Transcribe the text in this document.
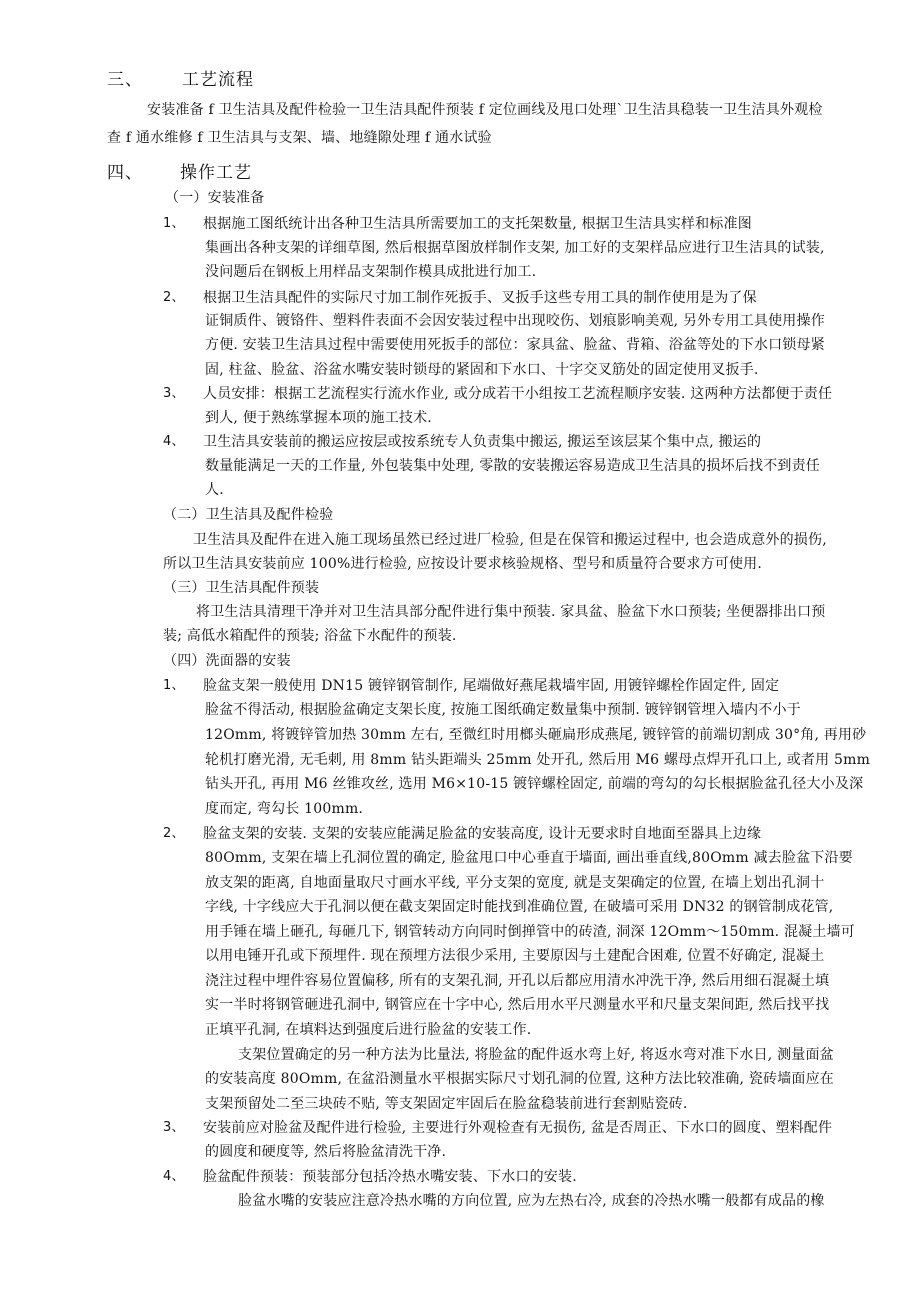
三、 工艺流程
安装准备 f 卫生洁具及配件检验一卫生洁具配件预装 f 定位画线及甩口处理`卫生洁具稳装一卫生洁具外观检
查 f 通水维修 f 卫生洁具与支架、墙、地缝隙处理 f 通水试验
四、 操作工艺
（一）安装准备
1、 根据施工图纸统计出各种卫生洁具所需要加工的支托架数量, 根据卫生洁具实样和标准图
集画出各种支架的详细草图, 然后根据草图放样制作支架, 加工好的支架样品应进行卫生洁具的试装,
没问题后在钢板上用样品支架制作模具成批进行加工.
2、 根据卫生洁具配件的实际尺寸加工制作死扳手、叉扳手这些专用工具的制作使用是为了保
证铜质件、镀铬件、塑料件表面不会因安装过程中出现咬伤、划痕影响美观, 另外专用工具使用操作
方便. 安装卫生洁具过程中需要使用死扳手的部位：家具盆、脸盆、背箱、浴盆等处的下水口锁母紧
固, 柱盆、脸盆、浴盆水嘴安装时锁母的紧固和下水口、十字交叉筋处的固定使用叉扳手.
3、 人员安排：根据工艺流程实行流水作业, 或分成若干小组按工艺流程顺序安装. 这两种方法都便于责任
到人, 便于熟练掌握本项的施工技术.
4、 卫生洁具安装前的搬运应按层或按系统专人负责集中搬运, 搬运至该层某个集中点, 搬运的
数量能满足一天的工作量, 外包装集中处理, 零散的安装搬运容易造成卫生洁具的损坏后找不到责任
人.
（二）卫生洁具及配件检验
卫生洁具及配件在进入施工现场虽然已经过进厂检验, 但是在保管和搬运过程中, 也会造成意外的损伤,
所以卫生洁具安装前应 100%进行检验, 应按设计要求核验规格、型号和质量符合要求方可使用.
（三）卫生洁具配件预装
将卫生洁具清理干净并对卫生洁具部分配件进行集中预装. 家具盆、脸盆下水口预装; 坐便器排出口预
装; 高低水箱配件的预装; 浴盆下水配件的预装.
（四）洗面器的安装
1、 脸盆支架一般使用 DN15 镀锌钢管制作, 尾端做好燕尾栽墙牢固, 用镀锌螺栓作固定件, 固定
脸盆不得活动, 根据脸盆确定支架长度, 按施工图纸确定数量集中预制. 镀锌钢管埋入墙内不小于
12Omm, 将镀锌管加热 30mm 左右, 至微红时用榔头砸扁形成燕尾, 镀锌管的前端切割成 30°角, 再用砂
轮机打磨光滑, 无毛刺, 用 8mm 钻头距端头 25mm 处开孔, 然后用 M6 螺母点焊开孔口上, 或者用 5mm
钻头开孔, 再用 M6 丝锥攻丝, 选用 M6×10-15 镀锌螺栓固定, 前端的弯勾的勾长根据脸盆孔径大小及深
度而定, 弯勾长 100mm.
2、 脸盆支架的安装. 支架的安装应能满足脸盆的安装高度, 设计无要求时自地面至器具上边缘
80Omm, 支架在墙上孔洞位置的确定, 脸盆甩口中心垂直于墙面, 画出垂直线,80Omm 减去脸盆下沿要
放支架的距离, 自地面量取尺寸画水平线, 平分支架的宽度, 就是支架确定的位置, 在墙上划出孔洞十
字线, 十字线应大于孔洞以便在截支架固定时能找到准确位置, 在破墙可采用 DN32 的钢管制成花管,
用手锤在墙上砸孔, 每砸几下, 钢管转动方向同时倒掸管中的砖渣, 洞深 12Omm～150mm. 混凝土墙可
以用电锤开孔或下预埋件. 现在预埋方法很少采用, 主要原因与土建配合困难, 位置不好确定, 混凝土
浇注过程中埋件容易位置偏移, 所有的支架孔洞, 开孔以后都应用清水冲洗干净, 然后用细石混凝土填
实一半时将钢管砸进孔洞中, 钢管应在十字中心, 然后用水平尺测量水平和尺量支架间距, 然后找平找
正填平孔洞, 在填料达到强度后进行脸盆的安装工作.
支架位置确定的另一种方法为比量法, 将脸盆的配件返水弯上好, 将返水弯对准下水日, 测量面盆
的安装高度 80Omm, 在盆沿测量水平根据实际尺寸划孔洞的位置, 这种方法比较准确, 瓷砖墙面应在
支架预留处二至三块砖不贴, 等支架固定牢固后在脸盆稳装前进行套割贴瓷砖.
3、 安装前应对脸盆及配件进行检验, 主要进行外观检查有无损伤, 盆是否周正、下水口的圆度、塑料配件
的圆度和硬度等, 然后将脸盆清洗干净.
4、 脸盆配件预装：预装部分包括冷热水嘴安装、下水口的安装.
脸盆水嘴的安装应注意冷热水嘴的方向位置, 应为左热右冷, 成套的冷热水嘴一般都有成品的橡
